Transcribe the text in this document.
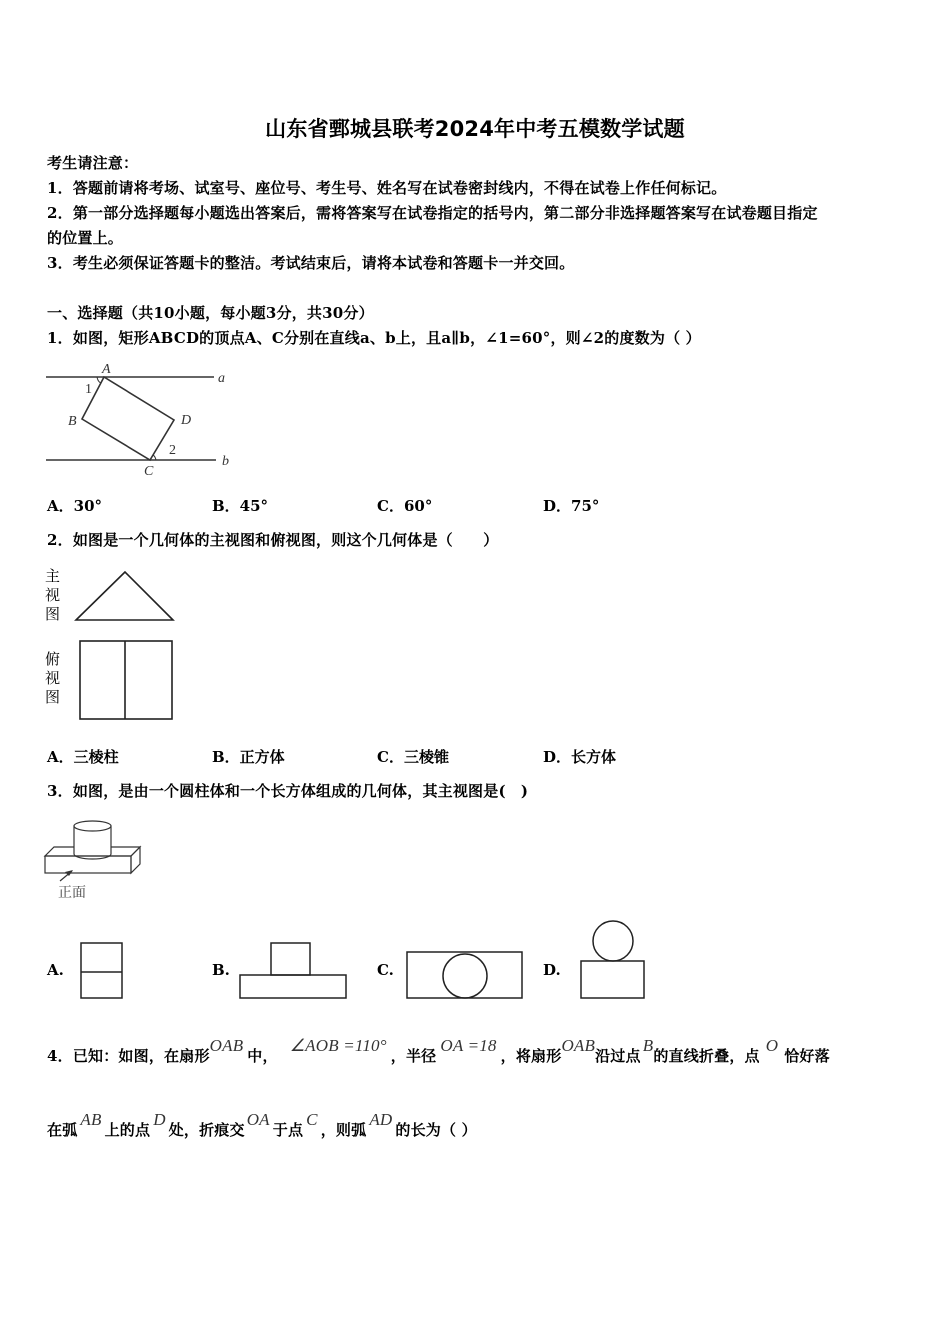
山东省鄄城县联考2024年中考五模数学试题
考生请注意：
1．答题前请将考场、试室号、座位号、考生号、姓名写在试卷密封线内，不得在试卷上作任何标记。
2．第一部分选择题每小题选出答案后，需将答案写在试卷指定的括号内，第二部分非选择题答案写在试卷题目指定
的位置上。
3．考生必须保证答题卡的整洁。考试结束后，请将本试卷和答题卡一并交回。
一、选择题（共10小题，每小题3分，共30分）
1．如图，矩形ABCD的顶点A、C分别在直线a、b上，且a∥b，∠1=60°，则∠2的度数为（ ）
A
B
C
D
1
2
a
b
A．30°	B．45°	C．60°	D．75°
2．如图是一个几何体的主视图和俯视图，则这个几何体是（　　）
主
视
图
俯
视
图
A．三棱柱	B．正方体	C．三棱锥	D．长方体
3．如图，是由一个圆柱体和一个长方体组成的几何体，其主视图是(　)
正面
A.	B.	C.	D.
4．已知：如图，在扇形OAB中，∠AOB =110°，半径OA =18，将扇形OAB沿过点B的直线折叠，点O恰好落
在弧AB上的点D处，折痕交OA于点C，则弧AD的长为（ ）
